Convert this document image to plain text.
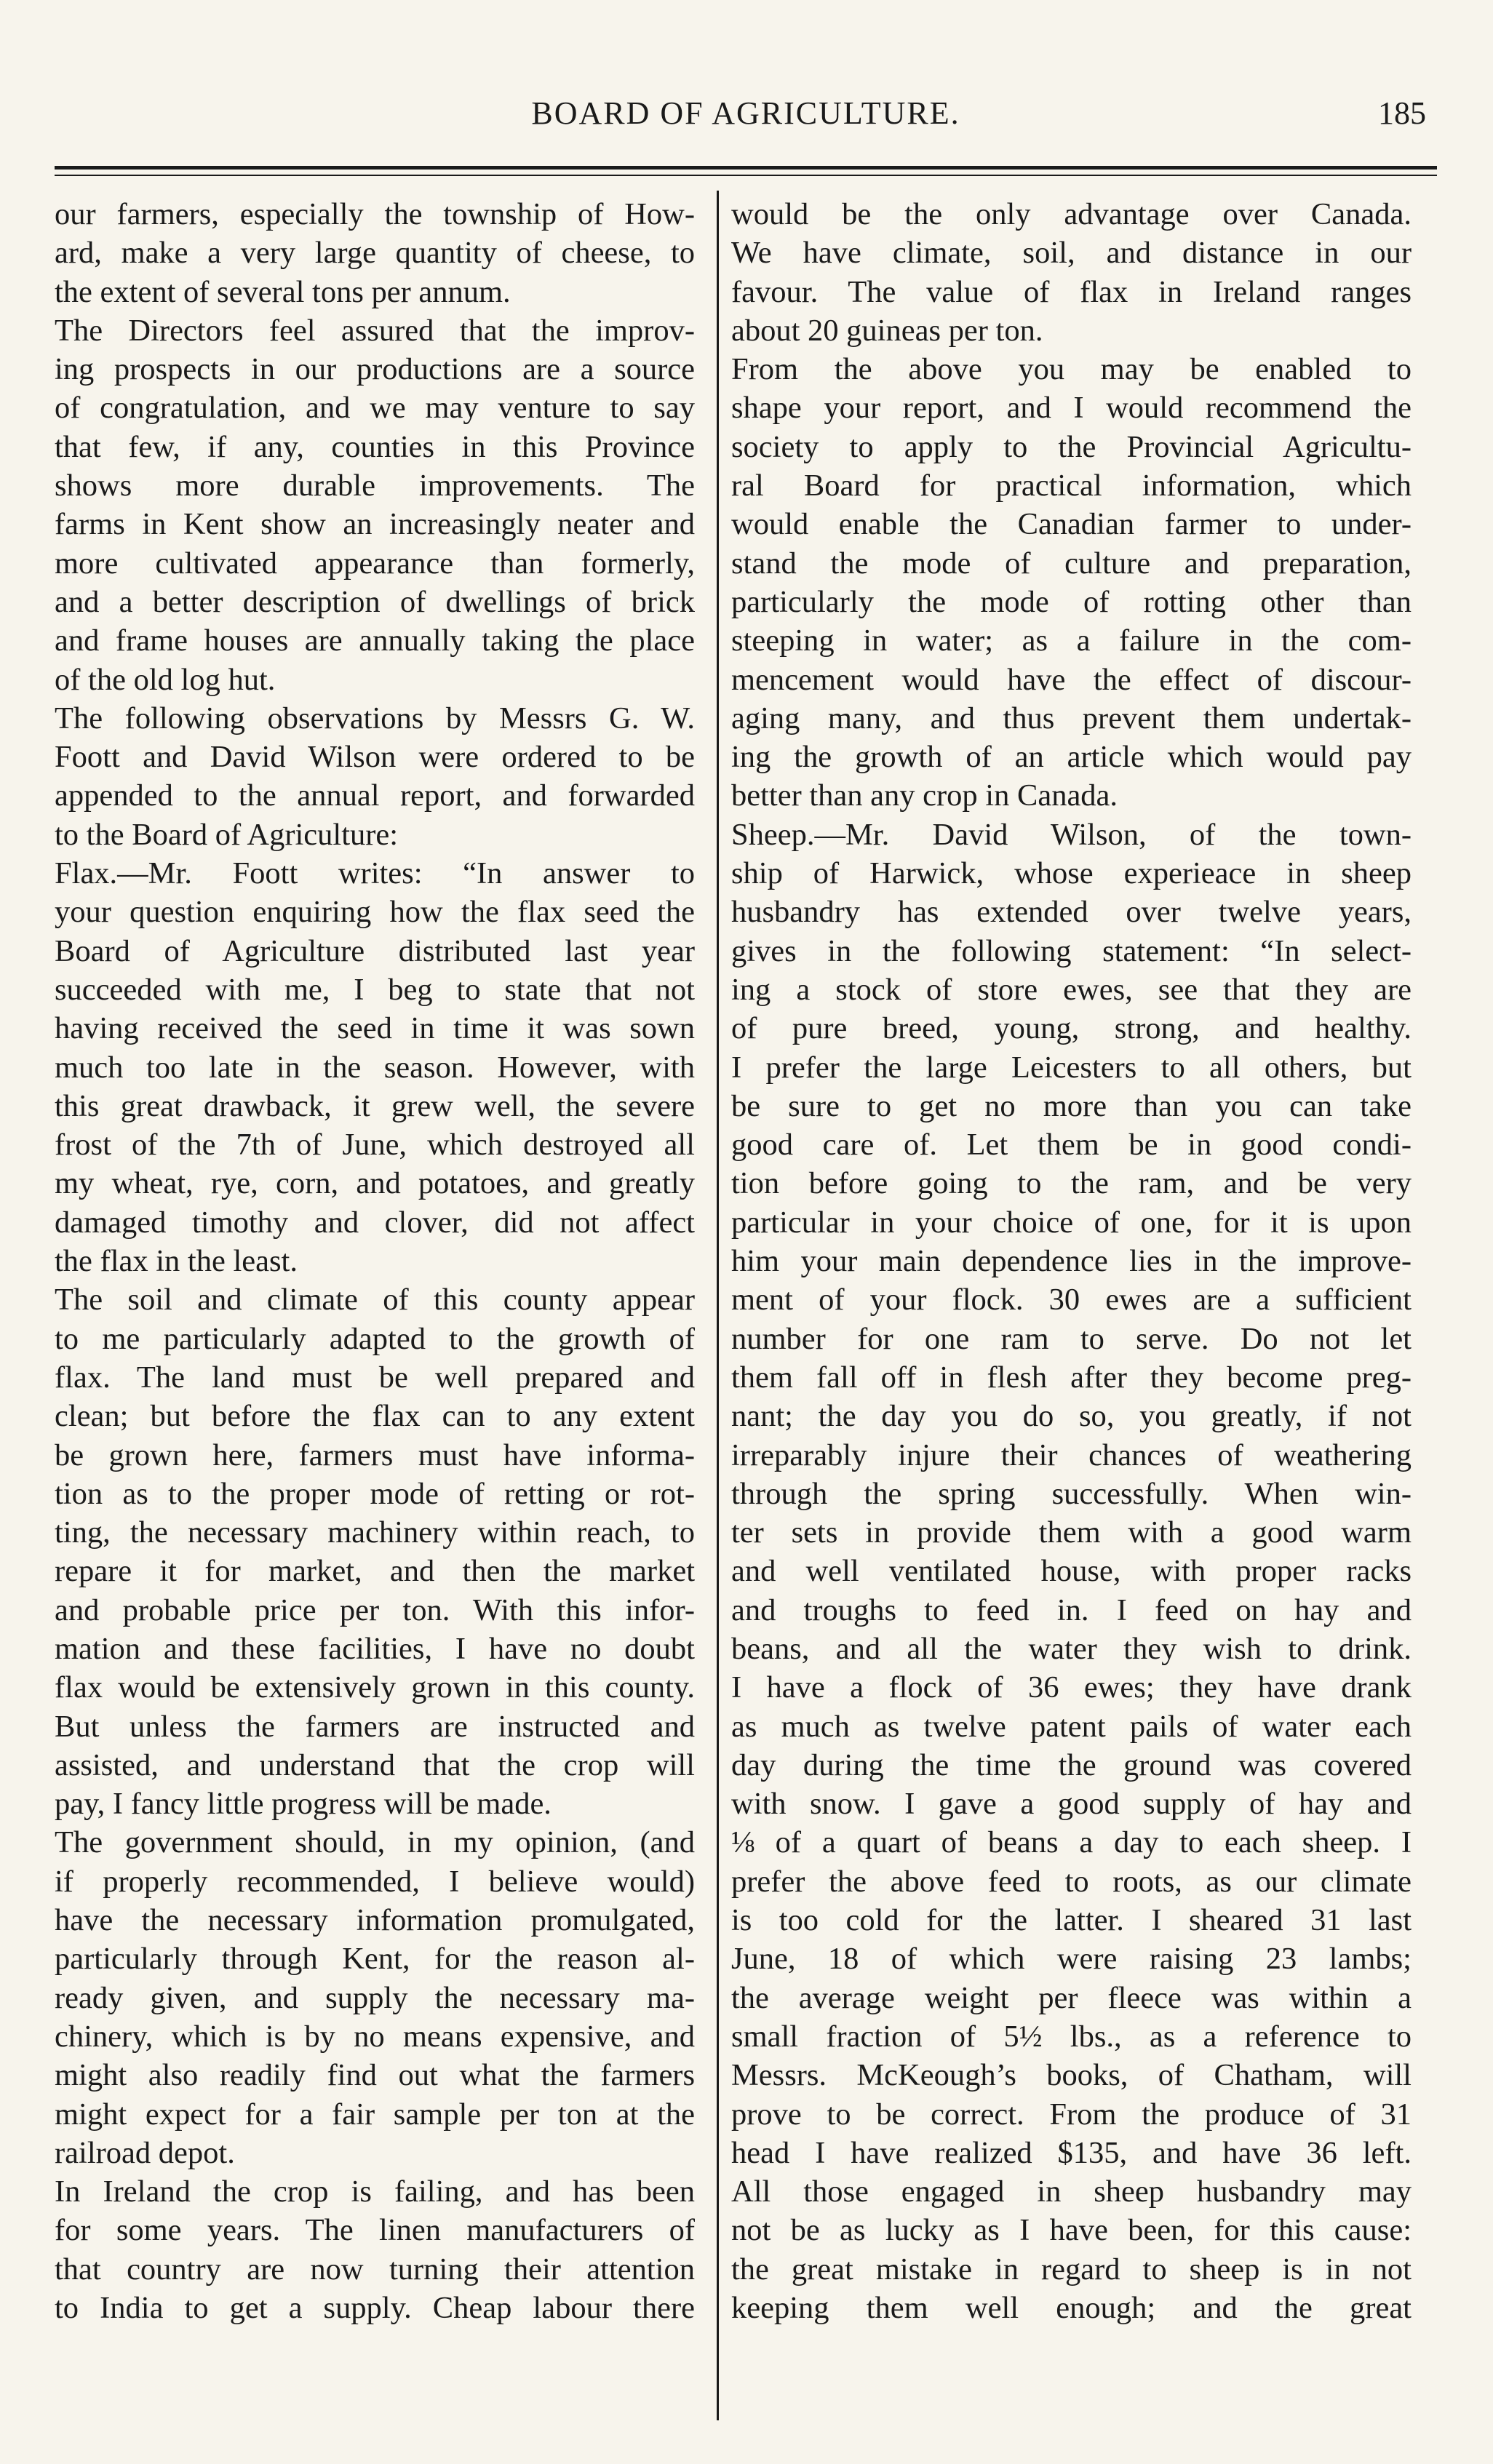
BOARD OF AGRICULTURE.	185
our farmers, especially the township of How-
ard, make a very large quantity of cheese, to
the extent of several tons per annum.
The Directors feel assured that the improv-
ing prospects in our productions are a source
of congratulation, and we may venture to say
that few, if any, counties in this Province
shows more durable improvements. The
farms in Kent show an increasingly neater and
more cultivated appearance than formerly,
and a better description of dwellings of brick
and frame houses are annually taking the place
of the old log hut.
The following observations by Messrs G. W.
Foott and David Wilson were ordered to be
appended to the annual report, and forwarded
to the Board of Agriculture:
Flax.—Mr. Foott writes: “In answer to
your question enquiring how the flax seed the
Board of Agriculture distributed last year
succeeded with me, I beg to state that not
having received the seed in time it was sown
much too late in the season. However, with
this great drawback, it grew well, the severe
frost of the 7th of June, which destroyed all
my wheat, rye, corn, and potatoes, and greatly
damaged timothy and clover, did not affect
the flax in the least.
The soil and climate of this county appear
to me particularly adapted to the growth of
flax. The land must be well prepared and
clean; but before the flax can to any extent
be grown here, farmers must have informa-
tion as to the proper mode of retting or rot-
ting, the necessary machinery within reach, to
repare it for market, and then the market
and probable price per ton. With this infor-
mation and these facilities, I have no doubt
flax would be extensively grown in this county.
But unless the farmers are instructed and
assisted, and understand that the crop will
pay, I fancy little progress will be made.
The government should, in my opinion, (and
if properly recommended, I believe would)
have the necessary information promulgated,
particularly through Kent, for the reason al-
ready given, and supply the necessary ma-
chinery, which is by no means expensive, and
might also readily find out what the farmers
might expect for a fair sample per ton at the
railroad depot.
In Ireland the crop is failing, and has been
for some years. The linen manufacturers of
that country are now turning their attention
to India to get a supply. Cheap labour there
would be the only advantage over Canada.
We have climate, soil, and distance in our
favour. The value of flax in Ireland ranges
about 20 guineas per ton.
From the above you may be enabled to
shape your report, and I would recommend the
society to apply to the Provincial Agricultu-
ral Board for practical information, which
would enable the Canadian farmer to under-
stand the mode of culture and preparation,
particularly the mode of rotting other than
steeping in water; as a failure in the com-
mencement would have the effect of discour-
aging many, and thus prevent them undertak-
ing the growth of an article which would pay
better than any crop in Canada.
Sheep.—Mr. David Wilson, of the town-
ship of Harwick, whose experieace in sheep
husbandry has extended over twelve years,
gives in the following statement: “In select-
ing a stock of store ewes, see that they are
of pure breed, young, strong, and healthy.
I prefer the large Leicesters to all others, but
be sure to get no more than you can take
good care of. Let them be in good condi-
tion before going to the ram, and be very
particular in your choice of one, for it is upon
him your main dependence lies in the improve-
ment of your flock. 30 ewes are a sufficient
number for one ram to serve. Do not let
them fall off in flesh after they become preg-
nant; the day you do so, you greatly, if not
irreparably injure their chances of weathering
through the spring successfully. When win-
ter sets in provide them with a good warm
and well ventilated house, with proper racks
and troughs to feed in. I feed on hay and
beans, and all the water they wish to drink.
I have a flock of 36 ewes; they have drank
as much as twelve patent pails of water each
day during the time the ground was covered
with snow. I gave a good supply of hay and
⅛ of a quart of beans a day to each sheep. I
prefer the above feed to roots, as our climate
is too cold for the latter. I sheared 31 last
June, 18 of which were raising 23 lambs;
the average weight per fleece was within a
small fraction of 5½ lbs., as a reference to
Messrs. McKeough’s books, of Chatham, will
prove to be correct. From the produce of 31
head I have realized $135, and have 36 left.
All those engaged in sheep husbandry may
not be as lucky as I have been, for this cause:
the great mistake in regard to sheep is in not
keeping them well enough; and the great
